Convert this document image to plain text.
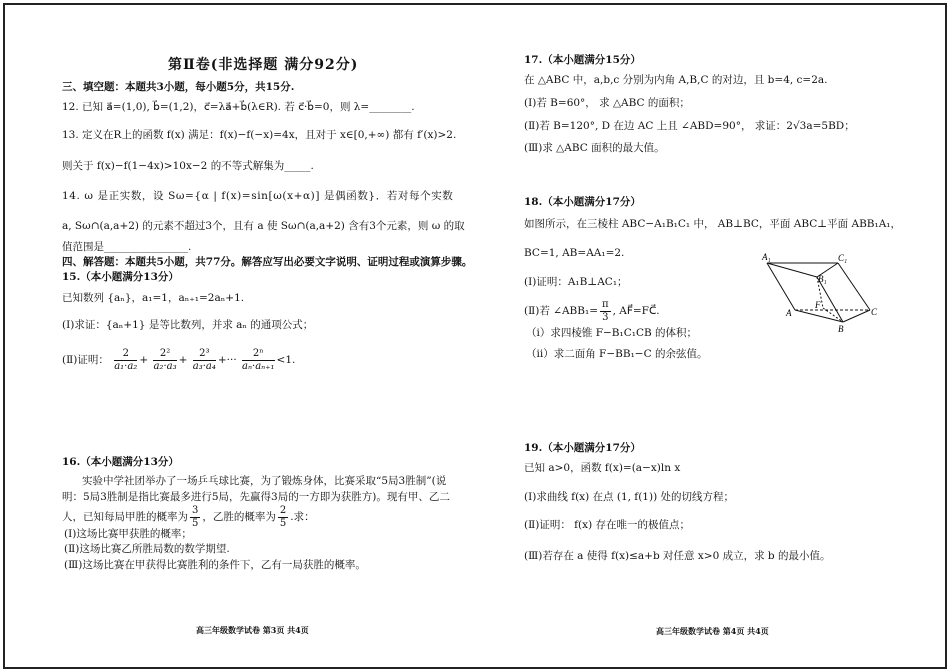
第Ⅱ卷(非选择题 满分92分)
三、填空题：本题共3小题，每小题5分，共15分.
12. 已知 a⃗=(1,0), b⃗=(1,2)，c⃗=λa⃗+b⃗(λ∈R). 若 c⃗·b⃗=0，则 λ=________.
13. 定义在R上的函数 f(x) 满足：f(x)−f(−x)=4x，且对于 x∈[0,+∞) 都有 f′(x)>2.
则关于 f(x)−f(1−4x)>10x−2 的不等式解集为_____.
14. ω 是正实数，设 Sω={α | f(x)=sin[ω(x+α)] 是偶函数}．若对每个实数
a, Sω∩(a,a+2) 的元素不超过3个，且有 a 使 Sω∩(a,a+2) 含有3个元素，则 ω 的取
值范围是________________.
四、解答题：本题共5小题，共77分。解答应写出必要文字说明、证明过程或演算步骤。
15.（本小题满分13分）
已知数列 {aₙ}，a₁=1，aₙ₊₁=2aₙ+1.
(Ⅰ)求证：{aₙ+1} 是等比数列，并求 aₙ 的通项公式；
(Ⅱ)证明： $\frac{2}{\text{a₁·a₂}} + \frac{\text{2²}}{\text{a₂·a₃}} + \frac{\text{2³}}{\text{a₃·a₄}}$ +··· $\frac{\text{2ⁿ}}{\text{aₙ·aₙ₊₁}} <1$.
16.（本小题满分13分）
实验中学社团举办了一场乒乓球比赛，为了锻炼身体，比赛采取“5局3胜制”(说
明：5局3胜制是指比赛最多进行5局，先赢得3局的一方即为获胜方)。现有甲、乙二
人，已知每局甲胜的概率为 $\frac{3}{5}$ ，乙胜的概率为 $\frac{2}{5}$ .求：
(Ⅰ)这场比赛甲获胜的概率；
(Ⅱ)这场比赛乙所胜局数的数学期望.
(Ⅲ)这场比赛在甲获得比赛胜利的条件下，乙有一局获胜的概率。
高三年级数学试卷 第3页 共4页
17.（本小题满分15分）
在 △ABC 中，a,b,c 分别为内角 A,B,C 的对边，且 b=4, c=2a.
(Ⅰ)若 B=60°， 求 △ABC 的面积；
(Ⅱ)若 B=120°, D 在边 AC 上且 ∠ABD=90°， 求证：2√3a=5BD；
(Ⅲ)求 △ABC 面积的最大值。
18.（本小题满分17分）
如图所示，在三棱柱 ABC−A₁B₁C₁ 中， AB⊥BC，平面 ABC⊥平面 ABB₁A₁，
BC=1, AB=AA₁=2.
(Ⅰ)证明：A₁B⊥AC₁；
(Ⅱ)若 ∠ABB₁= $\frac{\pi}{3}$ , AF⃗=FC⃗.
（i）求四棱锥 F−B₁C₁CB 的体积；
（ii）求二面角 F−BB₁−C 的余弦值。
A₁	C₁
B₁
A
B
C
F
19.（本小题满分17分）
已知 a>0，函数 f(x)=(a−x)ln x
(Ⅰ)求曲线 f(x) 在点 (1, f(1)) 处的切线方程；
(Ⅱ)证明： f(x) 存在唯一的极值点；
(Ⅲ)若存在 a 使得 f(x)≤a+b 对任意 x>0 成立，求 b 的最小值。
高三年级数学试卷 第4页 共4页
